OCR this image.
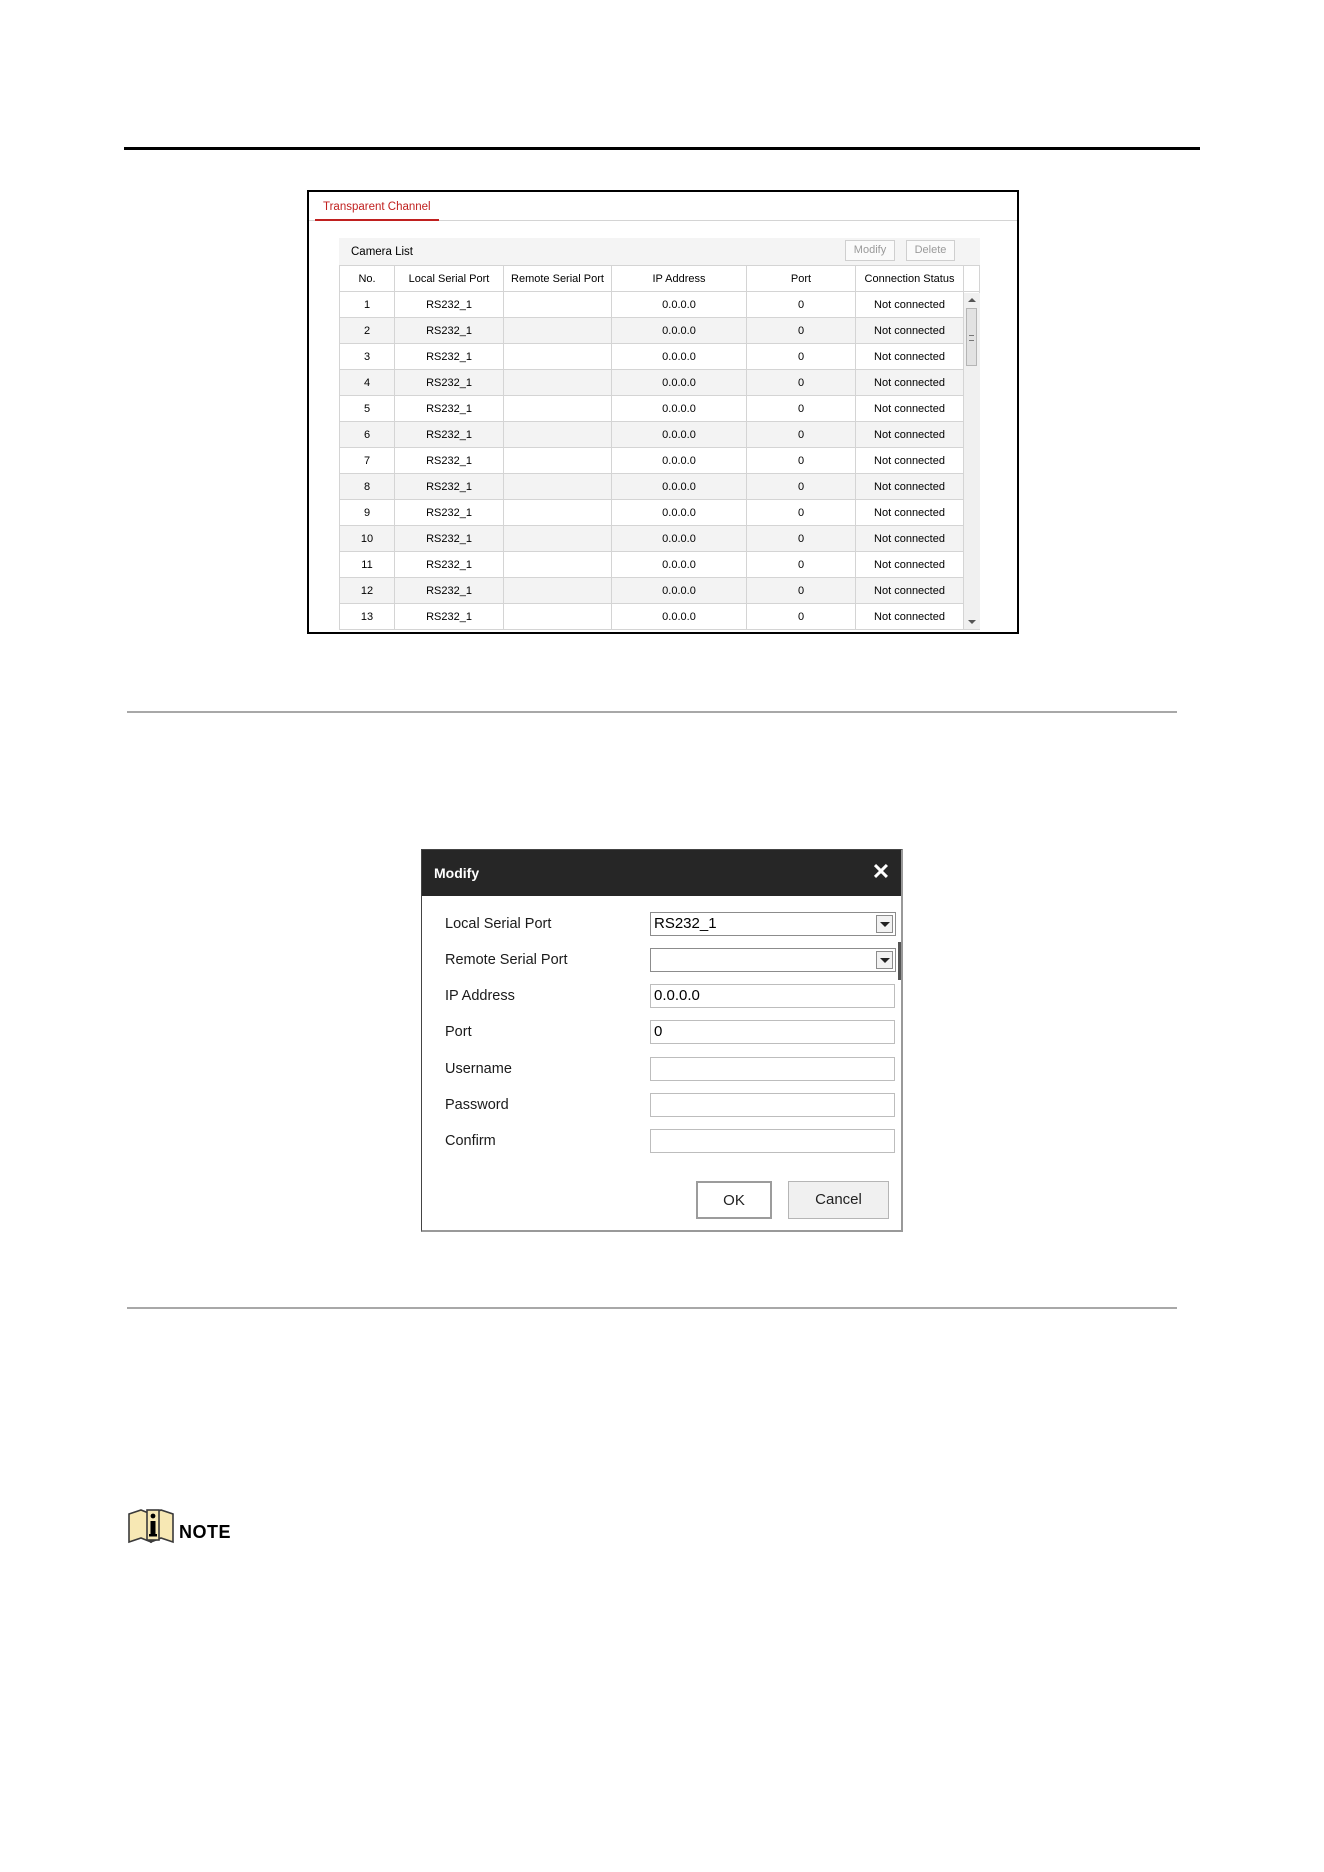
Transparent Channel
Camera List	Modify	Delete
No.	Local Serial Port	Remote Serial Port	IP Address	Port	Connection Status	
1	RS232_1		0.0.0.0	0	Not connected	
2	RS232_1		0.0.0.0	0	Not connected	
3	RS232_1		0.0.0.0	0	Not connected	
4	RS232_1		0.0.0.0	0	Not connected	
5	RS232_1		0.0.0.0	0	Not connected	
6	RS232_1		0.0.0.0	0	Not connected	
7	RS232_1		0.0.0.0	0	Not connected	
8	RS232_1		0.0.0.0	0	Not connected	
9	RS232_1		0.0.0.0	0	Not connected	
10	RS232_1		0.0.0.0	0	Not connected	
11	RS232_1		0.0.0.0	0	Not connected	
12	RS232_1		0.0.0.0	0	Not connected	
13	RS232_1		0.0.0.0	0	Not connected	
Modify	✕
Local Serial Port	RS232_1
Remote Serial Port
IP Address	0.0.0.0
Port	0
Username
Password
Confirm
OK	Cancel
NOTE
